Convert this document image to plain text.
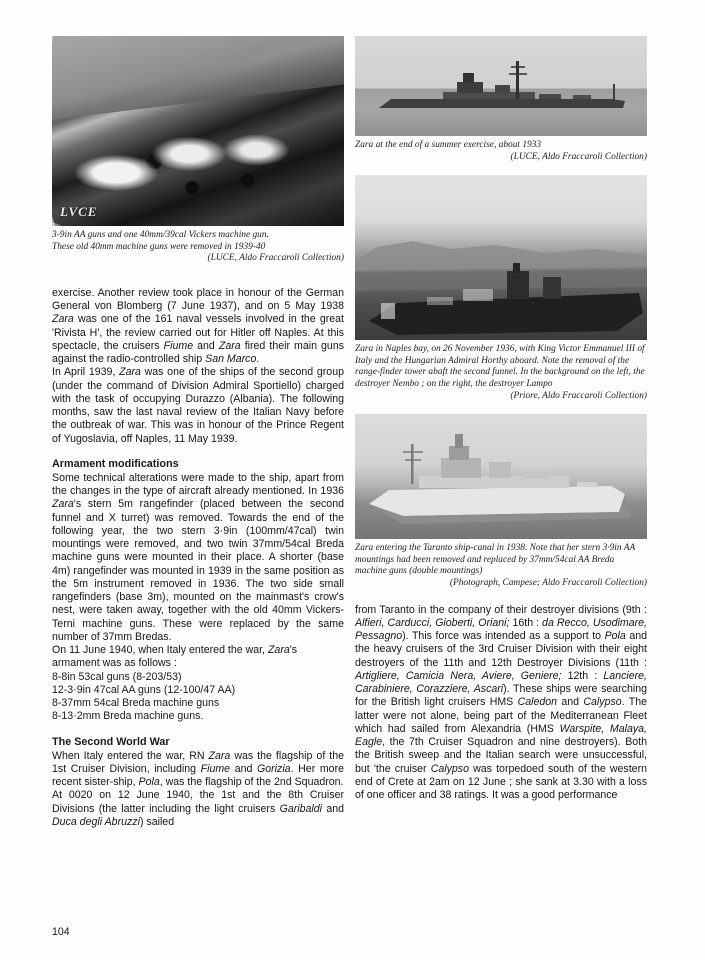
LVCE
3-9in AA guns and one 40mm/39cal Vickers machine gun.
These old 40mm machine guns were removed in 1939-40
(LUCE, Aldo Fraccaroli Collection)

exercise. Another review took place in honour of the German General von Blomberg (7 June 1937), and on 5 May 1938 Zara was one of the 161 naval vessels involved in the great 'Rivista H', the review carried out for Hitler off Naples. At this spectacle, the cruisers Fiume and Zara fired their main guns against the radio-controlled ship San Marco.

In April 1939, Zara was one of the ships of the second group (under the command of Division Admiral Sportiello) charged with the task of occupying Durazzo (Albania). The following months, saw the last naval review of the Italian Navy before the outbreak of war. This was in honour of the Prince Regent of Yugoslavia, off Naples, 11 May 1939.

Armament modifications

Some technical alterations were made to the ship, apart from the changes in the type of aircraft already mentioned. In 1936 Zara's stern 5m rangefinder (placed between the second funnel and X turret) was removed. Towards the end of the following year, the two stern 3·9in (100mm/47cal) twin mountings were removed, and two twin 37mm/54cal Breda machine guns were mounted in their place. A shorter (base 4m) rangefinder was mounted in 1939 in the same position as the 5m instrument removed in 1936. The two side small rangefinders (base 3m), mounted on the mainmast's crow's nest, were taken away, together with the old 40mm Vickers-Terni machine guns. These were replaced by the same number of 37mm Bredas.

On 11 June 1940, when Italy entered the war, Zara's armament was as follows :

8-8in 53cal guns (8-203/53)
12-3·9in 47cal AA guns (12-100/47 AA)
8-37mm 54cal Breda machine guns
8-13·2mm Breda machine guns.
The Second World War

When Italy entered the war, RN Zara was the flagship of the 1st Cruiser Division, including Fiume and Gorizia. Her more recent sister-ship, Pola, was the flagship of the 2nd Squadron.

At 0020 on 12 June 1940, the 1st and the 8th Cruiser Divisions (the latter including the light cruisers Garibaldi and Duca degli Abruzzi) sailed

Zara at the end of a summer exercise, about 1933
(LUCE, Aldo Fraccaroli Collection)
Zara in Naples bay, on 26 November 1936, with King Victor Emmanuel III of Italy and the Hungarian Admiral Horthy aboard. Note the removal of the range-finder tower abaft the second funnel. In the background on the left, the destroyer Nembo ; on the right, the destroyer Lampo
(Priore, Aldo Fraccaroli Collection)
Zara entering the Taranto ship-canal in 1938. Note that her stern 3·9in AA mountings had been removed and replaced by 37mm/54cal AA Breda machine guns (double mountings)
(Photograph, Campese; Aldo Fraccaroli Collection)

from Taranto in the company of their destroyer divisions (9th : Alfieri, Carducci, Gioberti, Oriani; 16th : da Recco, Usodimare, Pessagno). This force was intended as a support to Pola and the heavy cruisers of the 3rd Cruiser Division with their eight destroyers of the 11th and 12th Destroyer Divisions (11th : Artigliere, Camicia Nera, Aviere, Geniere; 12th : Lanciere, Carabiniere, Corazziere, Ascari). These ships were searching for the British light cruisers HMS Caledon and Calypso. The latter were not alone, being part of the Mediterranean Fleet which had sailed from Alexandria (HMS Warspite, Malaya, Eagle, the 7th Cruiser Squadron and nine destroyers). Both the British sweep and the Italian search were unsuccessful, but 'the cruiser Calypso was torpedoed south of the western end of Crete at 2am on 12 June ; she sank at 3.30 with a loss of one officer and 38 ratings. It was a good performance

104
